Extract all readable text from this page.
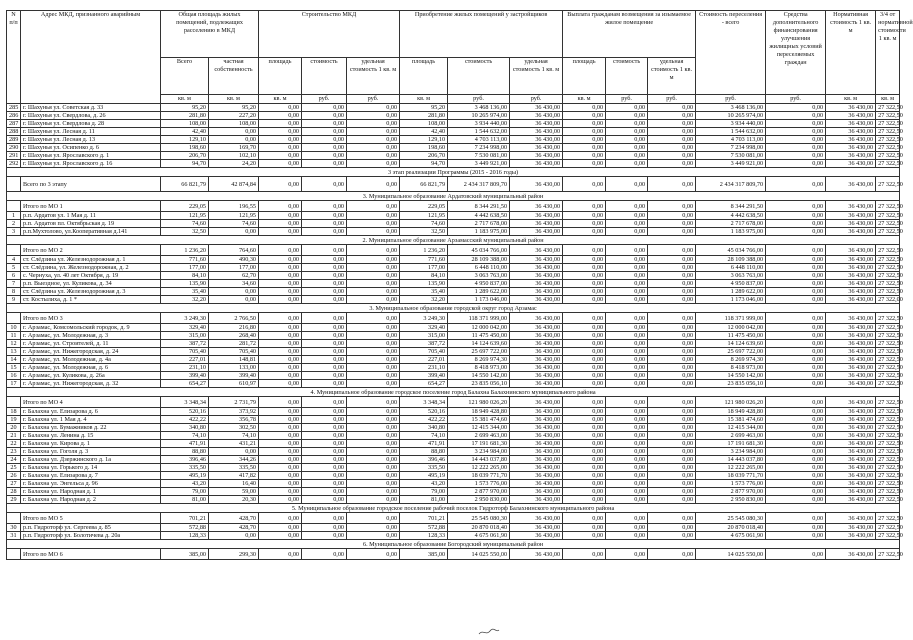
N п/п	Адрес МКД, признанного аварийным	Общая площадь жилых помещений, подлежащих расселению в МКД		Строительство МКД			Приобретение жилых помещений у застройщиков			Выплата гражданам возмещения за изымаемое жилое помещение			Стоимость переселения - всего	Средства дополнительного финансирования улучшения жилищных условий переселяемых граждан	Нормативная стоимость 1 кв. м	3/4 от нормативной стоимости 1 кв. м
		Всего	частная собственность	площадь	стоимость	удельная стоимость 1 кв. м	площадь	стоимость	удельная стоимость 1 кв. м	площадь	стоимость	удельная стоимость 1 кв. м				
		кв. м	кв. м	кв. м	руб.	руб.	кв. м	руб.	руб.	кв. м	руб.	руб.	руб.	руб.	кв. м	кв. м
285	г. Шахунья ул. Советская д. 33	95,20	95,20	0,00	0,00	0,00	95,20	3 468 136,00	36 430,00	0,00	0,00	0,00	3 468 136,00	0,00	36 430,00	27 322,50
286	г. Шахунья ул. Свердлова, д. 26	281,80	227,20	0,00	0,00	0,00	281,80	10 265 974,00	36 430,00	0,00	0,00	0,00	10 265 974,00	0,00	36 430,00	27 322,50
287	г. Шахунья ул. Свердлова д. 28	108,00	108,00	0,00	0,00	0,00	108,00	3 934 440,00	36 430,00	0,00	0,00	0,00	3 934 440,00	0,00	36 430,00	27 322,50
288	г. Шахунья ул. Лесная д. 11	42,40	0,00	0,00	0,00	0,00	42,40	1 544 632,00	36 430,00	0,00	0,00	0,00	1 544 632,00	0,00	36 430,00	27 322,50
289	г. Шахунья ул. Лесная д. 13	129,10	0,00	0,00	0,00	0,00	129,10	4 703 113,00	36 430,00	0,00	0,00	0,00	4 703 113,00	0,00	36 430,00	27 322,50
290	г. Шахунья ул. Осипенко д. 6	198,60	169,70	0,00	0,00	0,00	198,60	7 234 998,00	36 430,00	0,00	0,00	0,00	7 234 998,00	0,00	36 430,00	27 322,50
291	г. Шахунья ул. Ярославского д. 1	206,70	102,10	0,00	0,00	0,00	206,70	7 530 081,00	36 430,00	0,00	0,00	0,00	7 530 081,00	0,00	36 430,00	27 322,50
292	г. Шахунья ул. Ярославского д. 16	94,70	24,20	0,00	0,00	0,00	94,70	3 449 921,00	36 430,00	0,00	0,00	0,00	3 449 921,00	0,00	36 430,00	27 322,50
3 этап реализации Программы (2015 - 2016 годы)																
	Всего по 3 этапу	66 821,79	42 874,84	0,00	0,00	0,00	66 821,79	2 434 317 809,70	36 430,00	0,00	0,00	0,00	2 434 317 809,70	0,00	36 430,00	27 322,50
3. Муниципальное образование Ардатовский муниципальный район																
	Итого по МО 1	229,05	196,55	0,00	0,00	0,00	229,05	8 344 291,50	36 430,00	0,00	0,00	0,00	8 344 291,50	0,00	36 430,00	27 322,50
1	р.п. Ардатов ул. 1 Мая д. 11	121,95	121,95	0,00	0,00	0,00	121,95	4 442 638,50	36 430,00	0,00	0,00	0,00	4 442 638,50	0,00	36 430,00	27 322,50
2	р.п. Ардатов пл. Октябрьская д. 19	74,60	74,60	0,00	0,00	0,00	74,60	2 717 678,00	36 430,00	0,00	0,00	0,00	2 717 678,00	0,00	36 430,00	27 322,50
3	р.п.Мухтолово, ул.Кооперативная д.141	32,50	0,00	0,00	0,00	0,00	32,50	1 183 975,00	36 430,00	0,00	0,00	0,00	1 183 975,00	0,00	36 430,00	27 322,50
2. Муниципальное образование Арзамасский муниципальный район																
	Итого по МО 2	1 236,20	764,60	0,00	0,00	0,00	1 236,20	45 034 766,00	36 430,00	0,00	0,00	0,00	45 034 766,00	0,00	36 430,00	27 322,50
4	ст. Слёдзина ул. Железнодорожная д. 1	771,60	490,30	0,00	0,00	0,00	771,60	28 109 388,00	36 430,00	0,00	0,00	0,00	28 109 388,00	0,00	36 430,00	27 322,50
5	ст. Слёдзина, ул. Железнодорожная, д. 2	177,00	177,00	0,00	0,00	0,00	177,00	6 448 110,00	36 430,00	0,00	0,00	0,00	6 448 110,00	0,00	36 430,00	27 322,50
6	с. Чернуха, ул. 40 лет Октября, д. 19	84,10	62,70	0,00	0,00	0,00	84,10	3 063 763,00	36 430,00	0,00	0,00	0,00	3 063 763,00	0,00	36 430,00	27 322,50
7	р.п. Выездное, ул. Куликова, д. 34	135,90	34,60	0,00	0,00	0,00	135,90	4 950 837,00	36 430,00	0,00	0,00	0,00	4 950 837,00	0,00	36 430,00	27 322,50
8	ст. Слёдзина ул. Железнодорожная д. 3	35,40	0,00	0,00	0,00	0,00	35,40	1 289 622,00	36 430,00	0,00	0,00	0,00	1 289 622,00	0,00	36 430,00	27 322,50
9	ст. Костылиха, д. 1 *	32,20	0,00	0,00	0,00	0,00	32,20	1 173 046,00	36 430,00	0,00	0,00	0,00	1 173 046,00	0,00	36 430,00	27 322,00
3. Муниципальное образование городской округ город Арзамас																
	Итого по МО 3	3 249,30	2 766,50	0,00	0,00	0,00	3 249,30	118 371 999,00	36 430,00	0,00	0,00	0,00	118 371 999,00	0,00	36 430,00	27 322,50
10	г. Арзамас, Комсомольский городок, д. 9	329,40	216,80	0,00	0,00	0,00	329,40	12 000 042,00	36 430,00	0,00	0,00	0,00	12 000 042,00	0,00	36 430,00	27 322,50
11	г. Арзамас, ул. Молодежная, д. 3	315,00	268,40	0,00	0,00	0,00	315,00	11 475 450,00	36 430,00	0,00	0,00	0,00	11 475 450,00	0,00	36 430,00	27 322,50
12	г. Арзамас, ул. Строителей, д. 11	387,72	281,72	0,00	0,00	0,00	387,72	14 124 639,60	36 430,00	0,00	0,00	0,00	14 124 639,60	0,00	36 430,00	27 322,50
13	г. Арзамас, ул. Нижегородская, д. 24	705,40	705,40	0,00	0,00	0,00	705,40	25 697 722,00	36 430,00	0,00	0,00	0,00	25 697 722,00	0,00	36 430,00	27 322,50
14	г. Арзамас, ул. Молодежная, д. 4а	227,01	148,81	0,00	0,00	0,00	227,01	8 269 974,30	36 430,00	0,00	0,00	0,00	8 269 974,30	0,00	36 430,00	27 322,50
15	г. Арзамас, ул. Молодежная, д. 6	231,10	133,00	0,00	0,00	0,00	231,10	8 418 973,00	36 430,00	0,00	0,00	0,00	8 418 973,00	0,00	36 430,00	27 322,50
16	г. Арзамас, ул. Куликова, д. 26а	399,40	399,40	0,00	0,00	0,00	399,40	14 550 142,00	36 430,00	0,00	0,00	0,00	14 550 142,00	0,00	36 430,00	27 322,50
17	г. Арзамас, ул. Нижегородская, д. 32	654,27	610,97	0,00	0,00	0,00	654,27	23 835 056,10	36 430,00	0,00	0,00	0,00	23 835 056,10	0,00	36 430,00	27 322,50
4. Муниципальное образование городское поселение город Балахна Балахнинского муниципального района																
	Итого по МО 4	3 348,34	2 731,79	0,00	0,00	0,00	3 348,34	121 980 026,20	36 430,00	0,00	0,00	0,00	121 980 026,20	0,00	36 430,00	27 322,50
18	г. Балахна ул. Елизарова д. 6	520,16	373,92	0,00	0,00	0,00	520,16	18 949 428,80	36 430,00	0,00	0,00	0,00	18 949 428,80	0,00	36 430,00	27 322,50
19	г. Балахна ул. 1 Мая д. 4	422,22	356,78	0,00	0,00	0,00	422,22	15 381 474,60	36 430,00	0,00	0,00	0,00	15 381 474,60	0,00	36 430,00	27 322,50
20	г. Балахна ул. Бумажников д. 22	340,80	302,50	0,00	0,00	0,00	340,80	12 415 344,00	36 430,00	0,00	0,00	0,00	12 415 344,00	0,00	36 430,00	27 322,50
21	г. Балахна ул. Ленина д. 15	74,10	74,10	0,00	0,00	0,00	74,10	2 699 463,00	36 430,00	0,00	0,00	0,00	2 699 463,00	0,00	36 430,00	27 322,50
22	г. Балахна ул. Кирова д. 1	471,91	431,21	0,00	0,00	0,00	471,91	17 191 681,30	36 430,00	0,00	0,00	0,00	17 191 681,30	0,00	36 430,00	27 322,50
23	г. Балахна ул. Гоголя д. 3	88,80	0,00	0,00	0,00	0,00	88,80	3 234 984,00	36 430,00	0,00	0,00	0,00	3 234 984,00	0,00	36 430,00	27 322,50
24	г. Балахна ул. Дзержинского д. 1а	396,46	344,26	0,00	0,00	0,00	396,46	14 443 037,80	36 430,00	0,00	0,00	0,00	14 443 037,80	0,00	36 430,00	27 322,50
25	г. Балахна ул. Горького д. 14	335,50	335,50	0,00	0,00	0,00	335,50	12 222 265,00	36 430,00	0,00	0,00	0,00	12 222 265,00	0,00	36 430,00	27 322,50
26	г. Балахна ул. Елизарова д. 7	495,19	417,82	0,00	0,00	0,00	495,19	18 039 771,70	36 430,00	0,00	0,00	0,00	18 039 771,70	0,00	36 430,00	27 322,50
27	г. Балахна ул. Энгельса д. 96	43,20	16,40	0,00	0,00	0,00	43,20	1 573 776,00	36 430,00	0,00	0,00	0,00	1 573 776,00	0,00	36 430,00	27 322,50
28	г. Балахна ул. Народная д. 1	79,00	59,00	0,00	0,00	0,00	79,00	2 877 970,00	36 430,00	0,00	0,00	0,00	2 877 970,00	0,00	36 430,00	27 322,50
29	г. Балахна ул. Народная д. 2	81,00	20,30	0,00	0,00	0,00	81,00	2 950 830,00	36 430,00	0,00	0,00	0,00	2 950 830,00	0,00	36 430,00	27 322,50
5. Муниципальное образование городское поселение рабочий поселок Гидроторф Балахнинского муниципального района																
	Итого по МО 5	701,21	428,70	0,00	0,00	0,00	701,21	25 545 080,30	36 430,00	0,00	0,00	0,00	25 545 080,30	0,00	36 430,00	27 322,50
30	р.п. Гидроторф ул. Сергеева д. 85	572,88	428,70	0,00	0,00	0,00	572,88	20 870 018,40	36 430,00	0,00	0,00	0,00	20 870 018,40	0,00	36 430,00	27 322,50
31	р.п. Гидроторф ул. Болотичева д. 20а	128,33	0,00	0,00	0,00	0,00	128,33	4 675 061,90	36 430,00	0,00	0,00	0,00	4 675 061,90	0,00	36 430,00	27 322,50
6. Муниципальное образование Богородский муниципальный район																
	Итого по МО 6	385,00	299,30	0,00	0,00	0,00	385,00	14 025 550,00	36 430,00	0,00	0,00	0,00	14 025 550,00	0,00	36 430,00	27 322,50
